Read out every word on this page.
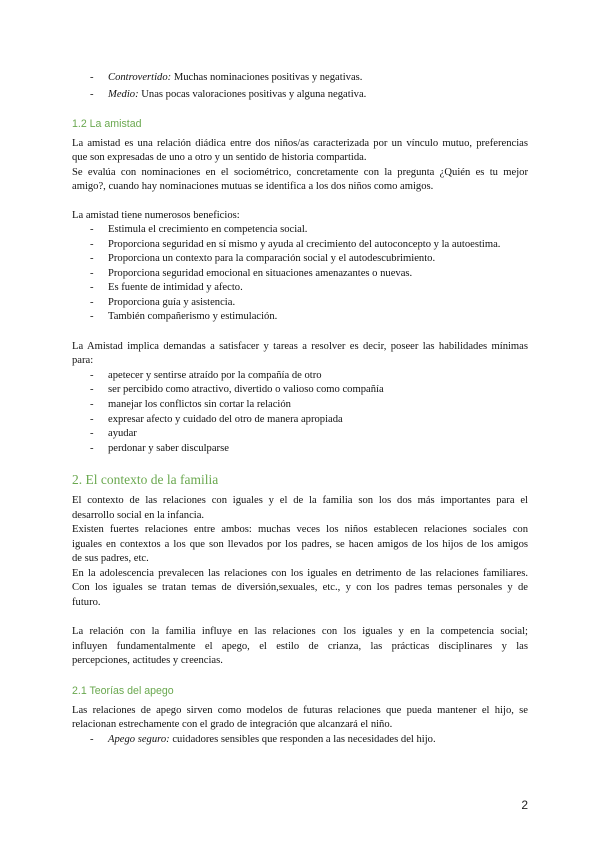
- Controvertido: Muchas nominaciones positivas y negativas.
- Medio: Unas pocas valoraciones positivas y alguna negativa.
1.2 La amistad
La amistad es una relación diádica entre dos niños/as caracterizada por un vínculo mutuo, preferencias
que son expresadas de uno a otro y un sentido de historia compartida.
Se evalúa con nominaciones en el sociométrico, concretamente con la pregunta ¿Quién es tu mejor
amigo?, cuando hay nominaciones mutuas se identifica a los dos niños como amigos.
La amistad tiene numerosos beneficios:
- Estimula el crecimiento en competencia social.
- Proporciona seguridad en sí mismo y ayuda al crecimiento del autoconcepto y la autoestima.
- Proporciona un contexto para la comparación social y el autodescubrimiento.
- Proporciona seguridad emocional en situaciones amenazantes o nuevas.
- Es fuente de intimidad y afecto.
- Proporciona guía y asistencia.
- También compañerismo y estimulación.
La Amistad implica demandas a satisfacer y tareas a resolver es decir, poseer las habilidades mínimas
para:
- apetecer y sentirse atraído por la compañía de otro
- ser percibido como atractivo, divertido o valioso como compañía
- manejar los conflictos sin cortar la relación
- expresar afecto y cuidado del otro de manera apropiada
- ayudar
- perdonar y saber disculparse
2. El contexto de la familia
El contexto de las relaciones con iguales y el de la familia son los dos más importantes para el
desarrollo social en la infancia.
Existen fuertes relaciones entre ambos: muchas veces los niños establecen relaciones sociales con
iguales en contextos a los que son llevados por los padres, se hacen amigos de los hijos de los amigos
de sus padres, etc.
En la adolescencia prevalecen las relaciones con los iguales en detrimento de las relaciones familiares.
Con los iguales se tratan temas de diversión,sexuales, etc., y con los padres temas personales y de
futuro.
La relación con la familia influye en las relaciones con los iguales y en la competencia social;
influyen fundamentalmente el apego, el estilo de crianza, las prácticas disciplinares y las
percepciones, actitudes y creencias.
2.1 Teorías del apego
Las relaciones de apego sirven como modelos de futuras relaciones que pueda mantener el hijo, se
relacionan estrechamente con el grado de integración que alcanzará el niño.
- Apego seguro: cuidadores sensibles que responden a las necesidades del hijo.
2
